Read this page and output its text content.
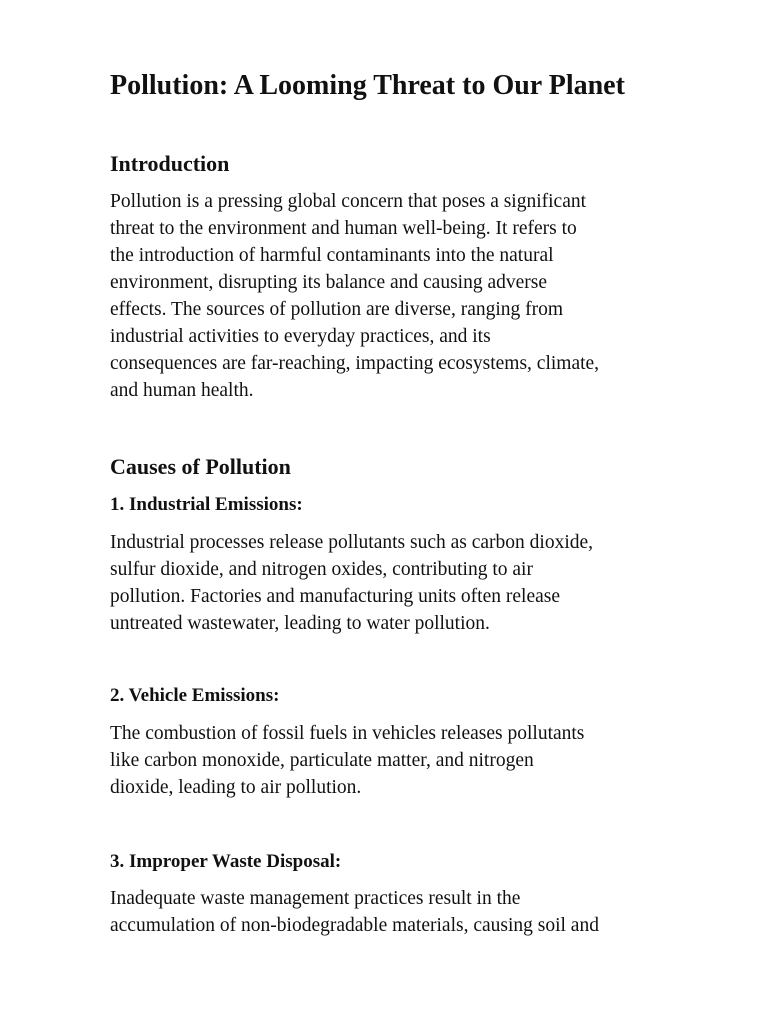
Pollution: A Looming Threat to Our Planet
Introduction

Pollution is a pressing global concern that poses a significant
threat to the environment and human well-being. It refers to
the introduction of harmful contaminants into the natural
environment, disrupting its balance and causing adverse
effects. The sources of pollution are diverse, ranging from
industrial activities to everyday practices, and its
consequences are far-reaching, impacting ecosystems, climate,
and human health.

Causes of Pollution
1. Industrial Emissions:

Industrial processes release pollutants such as carbon dioxide,
sulfur dioxide, and nitrogen oxides, contributing to air
pollution. Factories and manufacturing units often release
untreated wastewater, leading to water pollution.

2. Vehicle Emissions:

The combustion of fossil fuels in vehicles releases pollutants
like carbon monoxide, particulate matter, and nitrogen
dioxide, leading to air pollution.

3. Improper Waste Disposal:

Inadequate waste management practices result in the
accumulation of non-biodegradable materials, causing soil and
